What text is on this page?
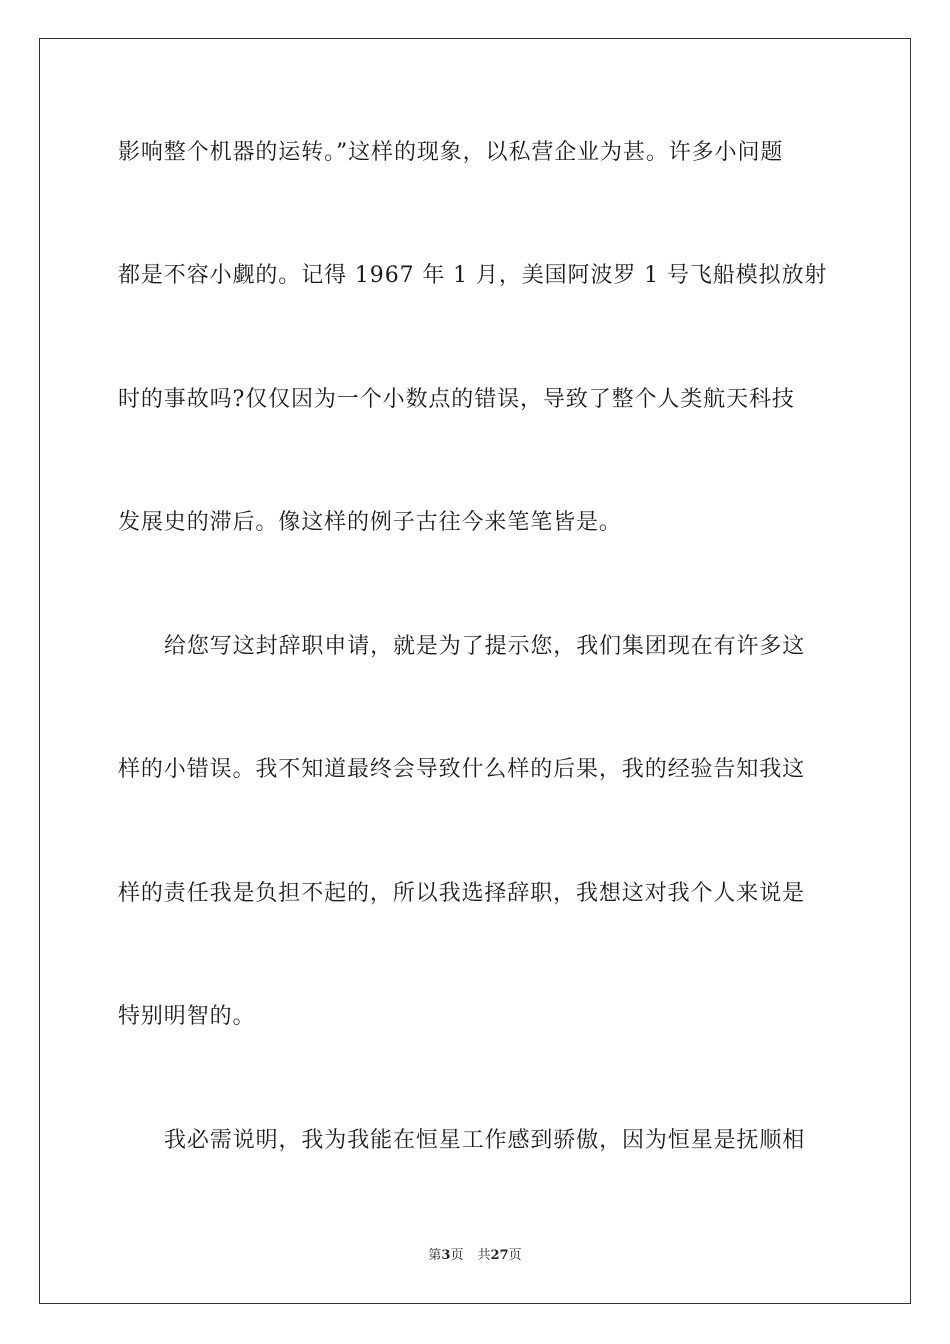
影响整个机器的运转。”这样的现象，以私营企业为甚。许多小问题
都是不容小觑的。记得 1967 年 1 月，美国阿波罗 1 号飞船模拟放射
时的事故吗?仅仅因为一个小数点的错误，导致了整个人类航天科技
发展史的滞后。像这样的例子古往今来笔笔皆是。
给您写这封辞职申请，就是为了提示您，我们集团现在有许多这
样的小错误。我不知道最终会导致什么样的后果，我的经验告知我这
样的责任我是负担不起的，所以我选择辞职，我想这对我个人来说是
特别明智的。
我必需说明，我为我能在恒星工作感到骄傲，因为恒星是抚顺相
第3页 共27页
